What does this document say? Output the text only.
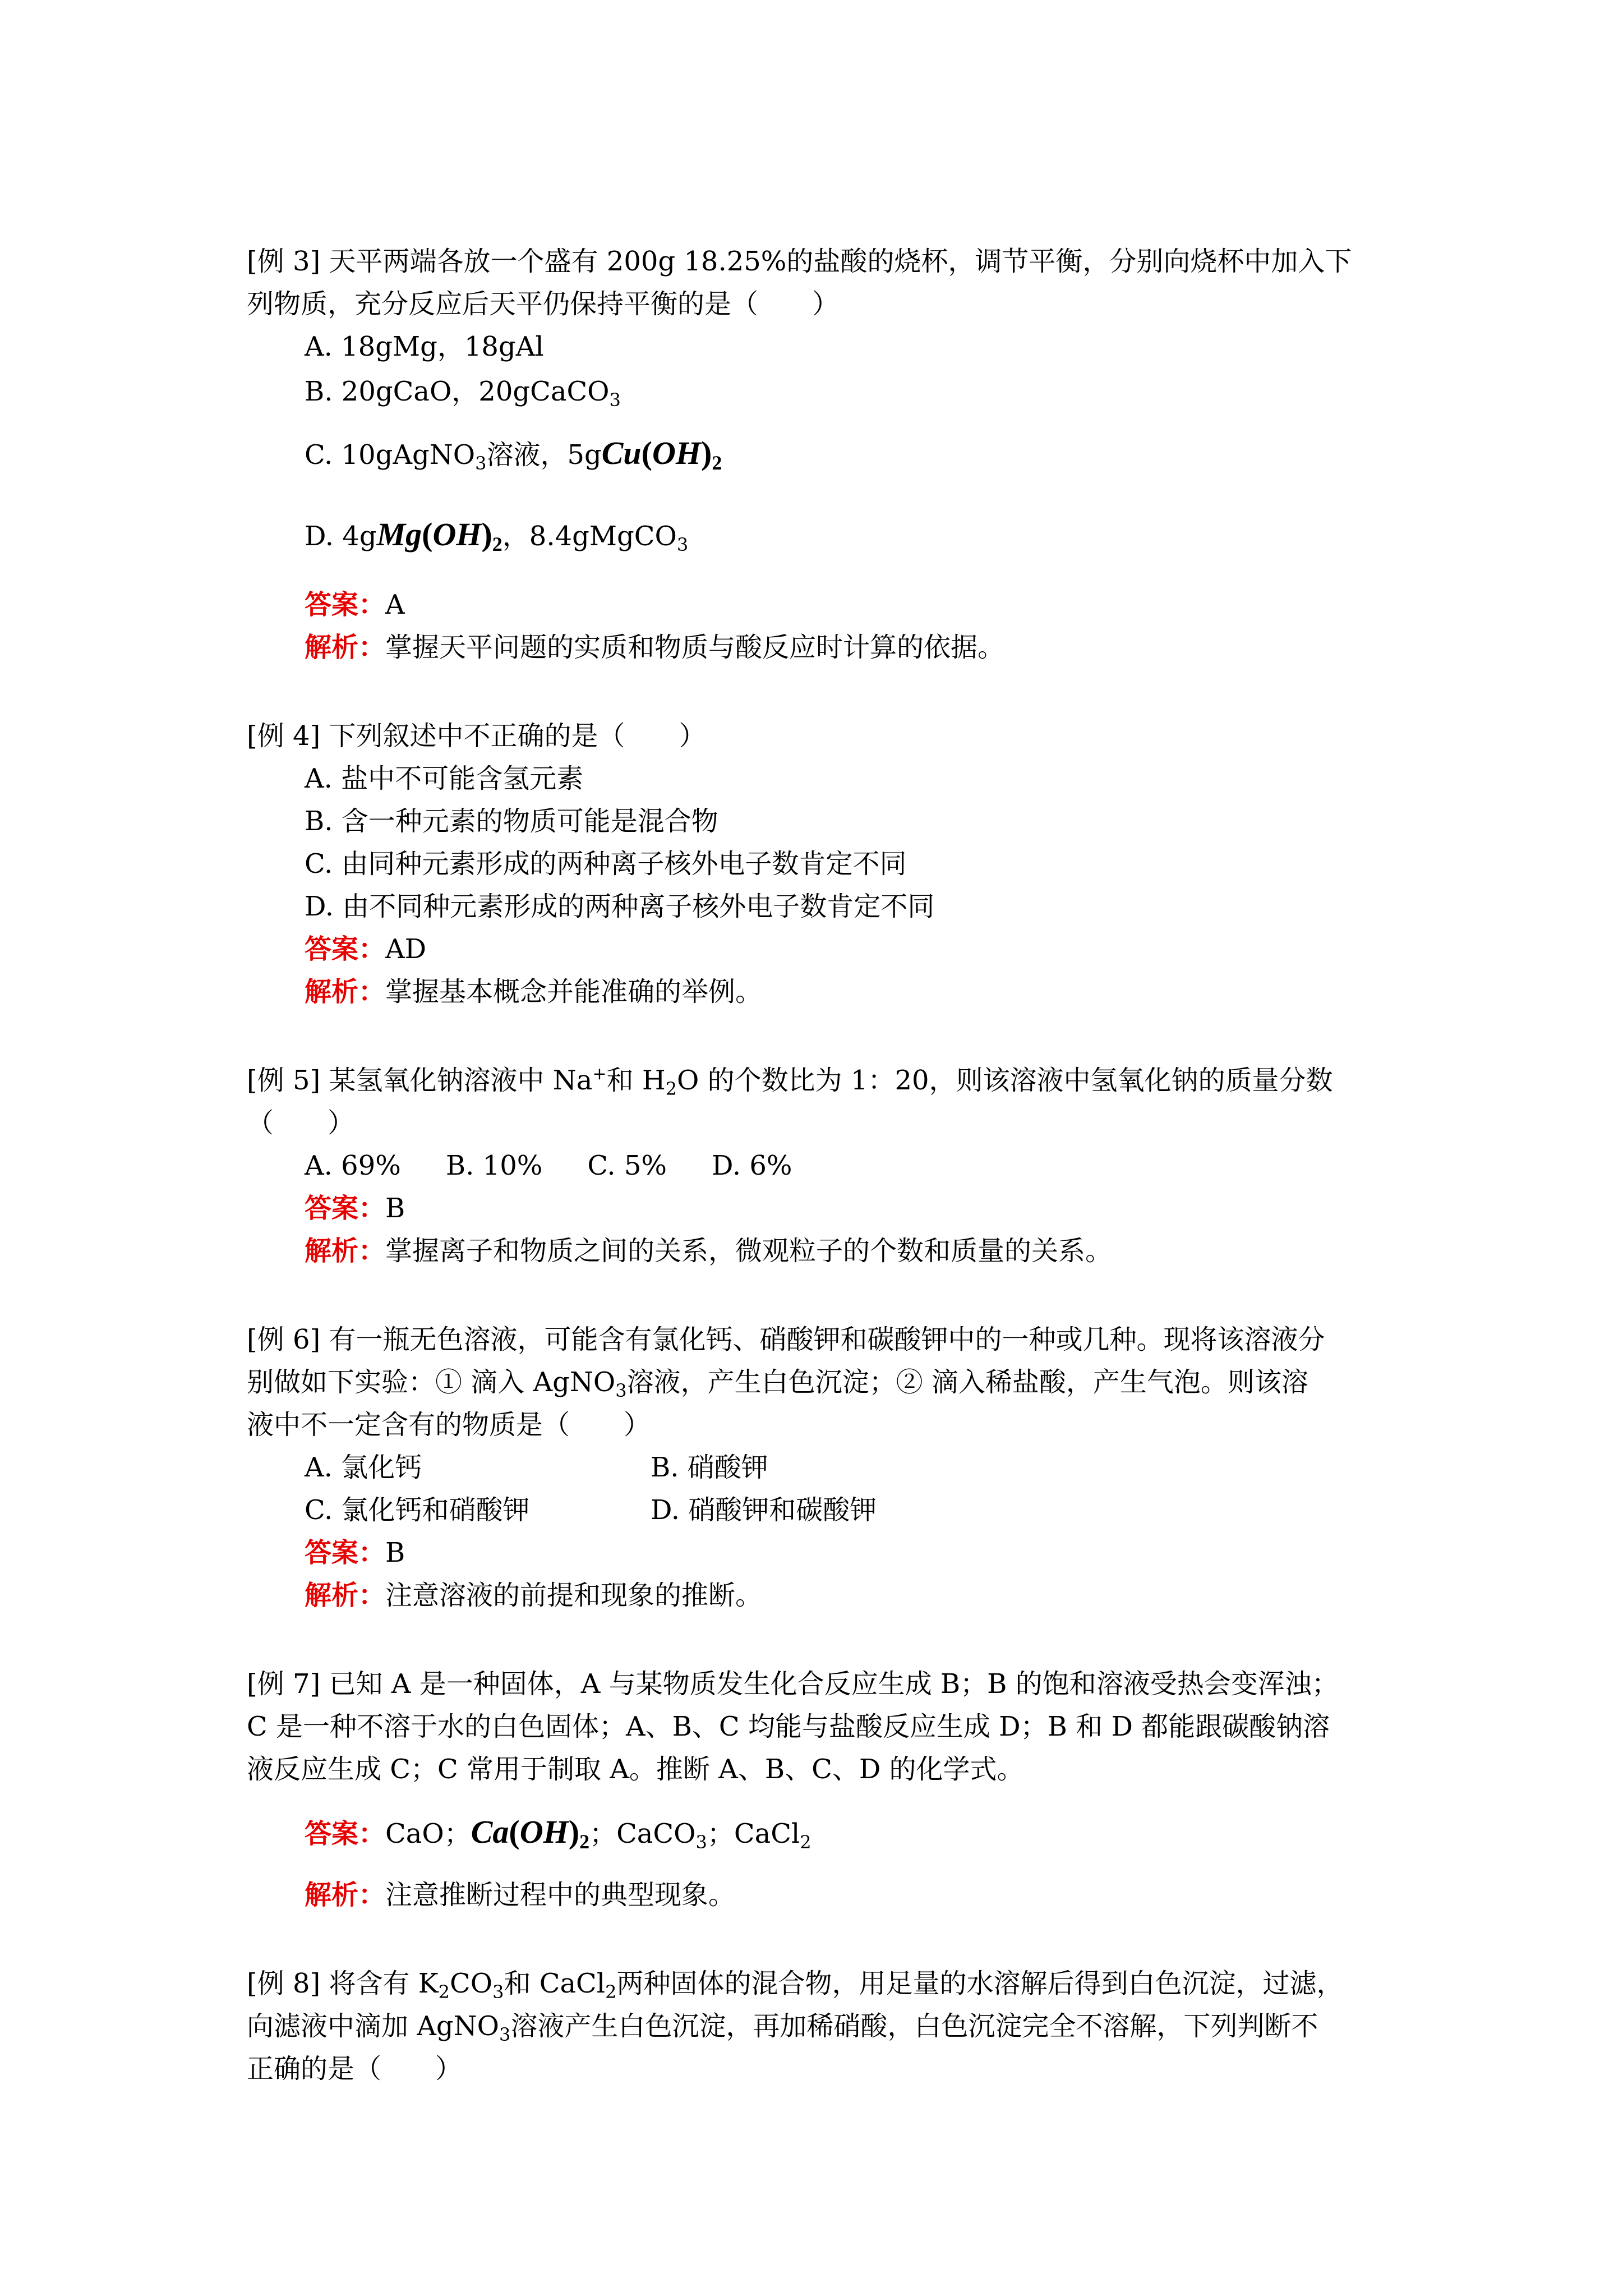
[例 3] 天平两端各放一个盛有 200g 18.25%的盐酸的烧杯，调节平衡，分别向烧杯中加入下
列物质，充分反应后天平仍保持平衡的是（　　）
A. 18gMg，18gAl
B. 20gCaO，20gCaCO$_3$
C. 10gAgNO$_3$溶液，$5gCu(OH)_2$
D. $4gMg(OH)_2$，8.4gMgCO$_3$
答案：A
解析：掌握天平问题的实质和物质与酸反应时计算的依据。
[例 4] 下列叙述中不正确的是（　　）
A. 盐中不可能含氢元素
B. 含一种元素的物质可能是混合物
C. 由同种元素形成的两种离子核外电子数肯定不同
D. 由不同种元素形成的两种离子核外电子数肯定不同
答案：AD
解析：掌握基本概念并能准确的举例。
[例 5] 某氢氧化钠溶液中 Na+和 $H_2O$ 的个数比为 1：20，则该溶液中氢氧化钠的质量分数
（　　）
A. 69% B. 10% C. 5% D. 6%
答案：B
解析：掌握离子和物质之间的关系，微观粒子的个数和质量的关系。
[例 6] 有一瓶无色溶液，可能含有氯化钙、硝酸钾和碳酸钾中的一种或几种。现将该溶液分
别做如下实验：① 滴入 AgNO$_3$溶液，产生白色沉淀；② 滴入稀盐酸，产生气泡。则该溶
液中不一定含有的物质是（　　）
A. 氯化钙	B. 硝酸钾
C. 氯化钙和硝酸钾	D. 硝酸钾和碳酸钾
答案：B
解析：注意溶液的前提和现象的推断。
[例 7] 已知 A 是一种固体，A 与某物质发生化合反应生成 B；B 的饱和溶液受热会变浑浊；
C 是一种不溶于水的白色固体；A、B、C 均能与盐酸反应生成 D；B 和 D 都能跟碳酸钠溶
液反应生成 C；C 常用于制取 A。推断 A、B、C、D 的化学式。
答案：CaO；$Ca(OH)_2$；CaCO$_3$；CaCl$_2$
解析：注意推断过程中的典型现象。
[例 8] 将含有 $K_2CO_3$和 CaCl$_2$两种固体的混合物，用足量的水溶解后得到白色沉淀，过滤，
向滤液中滴加 AgNO$_3$溶液产生白色沉淀，再加稀硝酸，白色沉淀完全不溶解，下列判断不
正确的是（　　）
